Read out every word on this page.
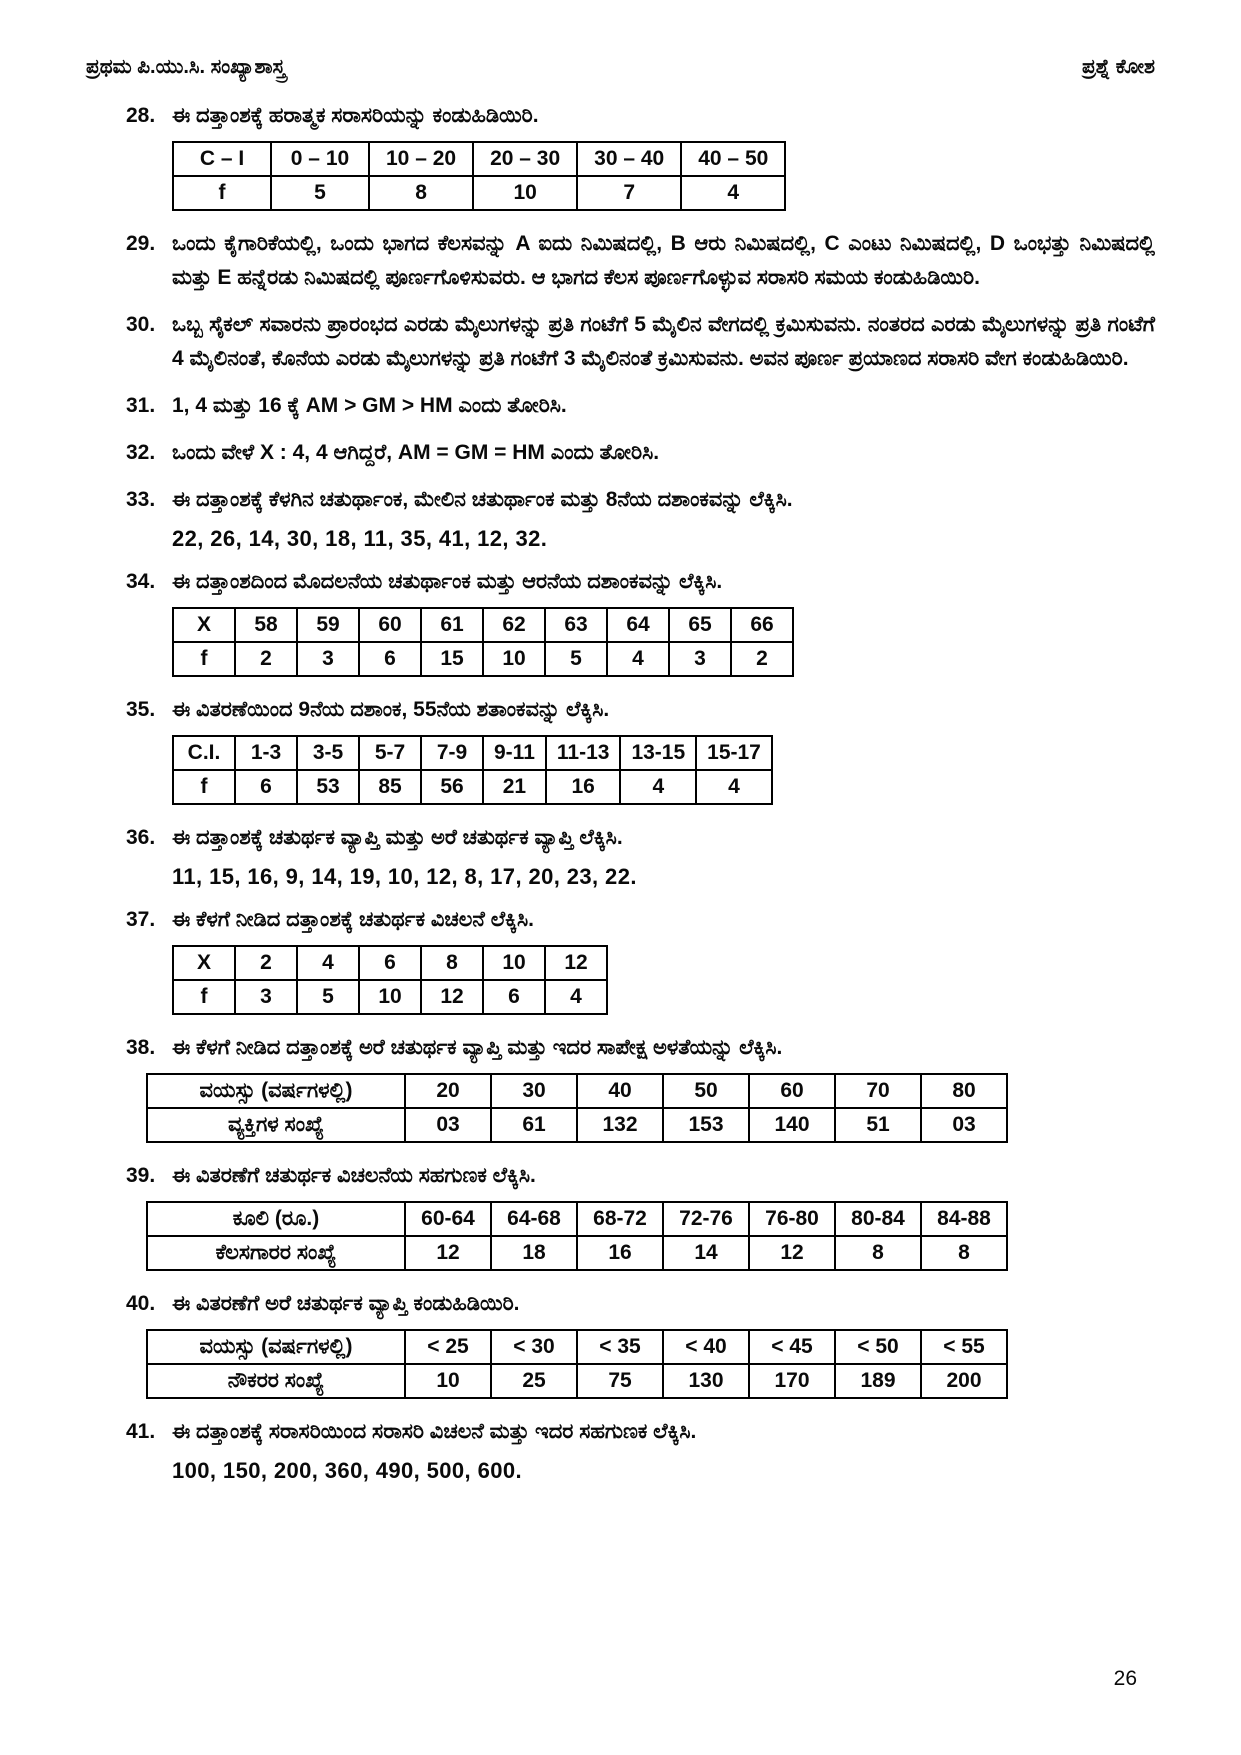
ಪ್ರಥಮ ಪಿ.ಯು.ಸಿ. ಸಂಖ್ಯಾಶಾಸ್ತ್ರ	ಪ್ರಶ್ನೆ ಕೋಶ
28. ಈ ದತ್ತಾಂಶಕ್ಕೆ ಹರಾತ್ಮಕ ಸರಾಸರಿಯನ್ನು ಕಂಡುಹಿಡಿಯಿರಿ.

C – I	0 – 10	10 – 20	20 – 30	30 – 40	40 – 50
f	5	8	10	7	4
29. ಒಂದು ಕೈಗಾರಿಕೆಯಲ್ಲಿ, ಒಂದು ಭಾಗದ ಕೆಲಸವನ್ನು A ಐದು ನಿಮಿಷದಲ್ಲಿ, B ಆರು ನಿಮಿಷದಲ್ಲಿ, C ಎಂಟು ನಿಮಿಷದಲ್ಲಿ, D ಒಂಭತ್ತು ನಿಮಿಷದಲ್ಲಿ ಮತ್ತು E ಹನ್ನೆರಡು ನಿಮಿಷದಲ್ಲಿ ಪೂರ್ಣಗೊಳಿಸುವರು. ಆ ಭಾಗದ ಕೆಲಸ ಪೂರ್ಣಗೊಳ್ಳುವ ಸರಾಸರಿ ಸಮಯ ಕಂಡುಹಿಡಿಯಿರಿ.

30. ಒಬ್ಬ ಸೈಕಲ್ ಸವಾರನು ಪ್ರಾರಂಭದ ಎರಡು ಮೈಲುಗಳನ್ನು ಪ್ರತಿ ಗಂಟೆಗೆ 5 ಮೈಲಿನ ವೇಗದಲ್ಲಿ ಕ್ರಮಿಸುವನು. ನಂತರದ ಎರಡು ಮೈಲುಗಳನ್ನು ಪ್ರತಿ ಗಂಟೆಗೆ 4 ಮೈಲಿನಂತೆ, ಕೊನೆಯ ಎರಡು ಮೈಲುಗಳನ್ನು ಪ್ರತಿ ಗಂಟೆಗೆ 3 ಮೈಲಿನಂತೆ ಕ್ರಮಿಸುವನು. ಅವನ ಪೂರ್ಣ ಪ್ರಯಾಣದ ಸರಾಸರಿ ವೇಗ ಕಂಡುಹಿಡಿಯಿರಿ.

31. 1, 4 ಮತ್ತು 16 ಕ್ಕೆ AM > GM > HM ಎಂದು ತೋರಿಸಿ.

32. ಒಂದು ವೇಳೆ X : 4, 4 ಆಗಿದ್ದರೆ, AM = GM = HM ಎಂದು ತೋರಿಸಿ.

33. ಈ ದತ್ತಾಂಶಕ್ಕೆ ಕೆಳಗಿನ ಚತುರ್ಥಾಂಕ, ಮೇಲಿನ ಚತುರ್ಥಾಂಕ ಮತ್ತು 8ನೆಯ ದಶಾಂಕವನ್ನು ಲೆಕ್ಕಿಸಿ.

22, 26, 14, 30, 18, 11, 35, 41, 12, 32.

34. ಈ ದತ್ತಾಂಶದಿಂದ ಮೊದಲನೆಯ ಚತುರ್ಥಾಂಕ ಮತ್ತು ಆರನೆಯ ದಶಾಂಕವನ್ನು ಲೆಕ್ಕಿಸಿ.

X	58	59	60	61	62	63	64	65	66
f	2	3	6	15	10	5	4	3	2
35. ಈ ವಿತರಣೆಯಿಂದ 9ನೆಯ ದಶಾಂಕ, 55ನೆಯ ಶತಾಂಕವನ್ನು ಲೆಕ್ಕಿಸಿ.

C.I.	1-3	3-5	5-7	7-9	9-11	11-13	13-15	15-17
f	6	53	85	56	21	16	4	4
36. ಈ ದತ್ತಾಂಶಕ್ಕೆ ಚತುರ್ಥಕ ವ್ಯಾಪ್ತಿ ಮತ್ತು ಅರೆ ಚತುರ್ಥಕ ವ್ಯಾಪ್ತಿ ಲೆಕ್ಕಿಸಿ.

11, 15, 16, 9, 14, 19, 10, 12, 8, 17, 20, 23, 22.

37. ಈ ಕೆಳಗೆ ನೀಡಿದ ದತ್ತಾಂಶಕ್ಕೆ ಚತುರ್ಥಕ ವಿಚಲನೆ ಲೆಕ್ಕಿಸಿ.

X	2	4	6	8	10	12
f	3	5	10	12	6	4
38. ಈ ಕೆಳಗೆ ನೀಡಿದ ದತ್ತಾಂಶಕ್ಕೆ ಅರೆ ಚತುರ್ಥಕ ವ್ಯಾಪ್ತಿ ಮತ್ತು ಇದರ ಸಾಪೇಕ್ಷ ಅಳತೆಯನ್ನು ಲೆಕ್ಕಿಸಿ.

ವಯಸ್ಸು (ವರ್ಷಗಳಲ್ಲಿ)	20	30	40	50	60	70	80
ವ್ಯಕ್ತಿಗಳ ಸಂಖ್ಯೆ	03	61	132	153	140	51	03
39. ಈ ವಿತರಣೆಗೆ ಚತುರ್ಥಕ ವಿಚಲನೆಯ ಸಹಗುಣಕ ಲೆಕ್ಕಿಸಿ.

ಕೂಲಿ (ರೂ.)	60-64	64-68	68-72	72-76	76-80	80-84	84-88
ಕೆಲಸಗಾರರ ಸಂಖ್ಯೆ	12	18	16	14	12	8	8
40. ಈ ವಿತರಣೆಗೆ ಅರೆ ಚತುರ್ಥಕ ವ್ಯಾಪ್ತಿ ಕಂಡುಹಿಡಿಯಿರಿ.

ವಯಸ್ಸು (ವರ್ಷಗಳಲ್ಲಿ)	< 25	< 30	< 35	< 40	< 45	< 50	< 55
ನೌಕರರ ಸಂಖ್ಯೆ	10	25	75	130	170	189	200
41. ಈ ದತ್ತಾಂಶಕ್ಕೆ ಸರಾಸರಿಯಿಂದ ಸರಾಸರಿ ವಿಚಲನೆ ಮತ್ತು ಇದರ ಸಹಗುಣಕ ಲೆಕ್ಕಿಸಿ.

100, 150, 200, 360, 490, 500, 600.

26
